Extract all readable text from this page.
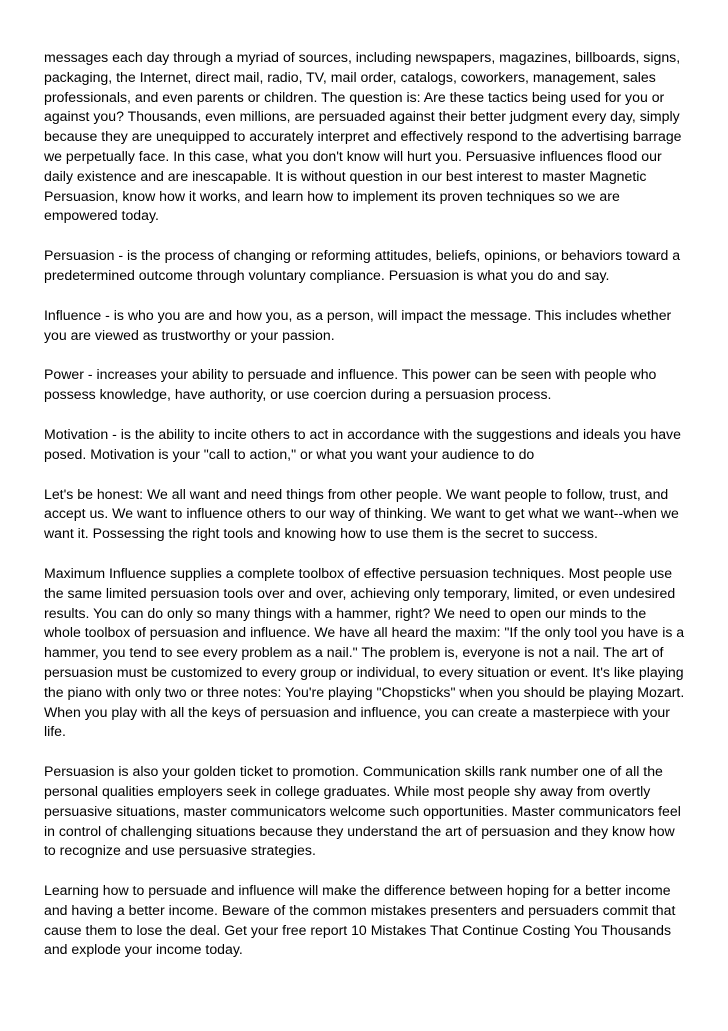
messages each day through a myriad of sources, including newspapers, magazines, billboards, signs, packaging, the Internet, direct mail, radio, TV, mail order, catalogs, coworkers, management, sales professionals, and even parents or children. The question is: Are these tactics being used for you or against you? Thousands, even millions, are persuaded against their better judgment every day, simply because they are unequipped to accurately interpret and effectively respond to the advertising barrage we perpetually face. In this case, what you don't know will hurt you. Persuasive influences flood our daily existence and are inescapable. It is without question in our best interest to master Magnetic Persuasion, know how it works, and learn how to implement its proven techniques so we are empowered today.

Persuasion - is the process of changing or reforming attitudes, beliefs, opinions, or behaviors toward a predetermined outcome through voluntary compliance. Persuasion is what you do and say.

Influence - is who you are and how you, as a person, will impact the message. This includes whether you are viewed as trustworthy or your passion.

Power - increases your ability to persuade and influence. This power can be seen with people who possess knowledge, have authority, or use coercion during a persuasion process.

Motivation - is the ability to incite others to act in accordance with the suggestions and ideals you have posed. Motivation is your "call to action," or what you want your audience to do

Let's be honest: We all want and need things from other people. We want people to follow, trust, and accept us. We want to influence others to our way of thinking. We want to get what we want--when we want it. Possessing the right tools and knowing how to use them is the secret to success.

Maximum Influence supplies a complete toolbox of effective persuasion techniques. Most people use the same limited persuasion tools over and over, achieving only temporary, limited, or even undesired results. You can do only so many things with a hammer, right? We need to open our minds to the whole toolbox of persuasion and influence. We have all heard the maxim: "If the only tool you have is a hammer, you tend to see every problem as a nail." The problem is, everyone is not a nail. The art of persuasion must be customized to every group or individual, to every situation or event. It's like playing the piano with only two or three notes: You're playing "Chopsticks" when you should be playing Mozart. When you play with all the keys of persuasion and influence, you can create a masterpiece with your life.

Persuasion is also your golden ticket to promotion. Communication skills rank number one of all the personal qualities employers seek in college graduates. While most people shy away from overtly persuasive situations, master communicators welcome such opportunities. Master communicators feel in control of challenging situations because they understand the art of persuasion and they know how to recognize and use persuasive strategies.

Learning how to persuade and influence will make the difference between hoping for a better income and having a better income. Beware of the common mistakes presenters and persuaders commit that cause them to lose the deal. Get your free report 10 Mistakes That Continue Costing You Thousands and explode your income today.
